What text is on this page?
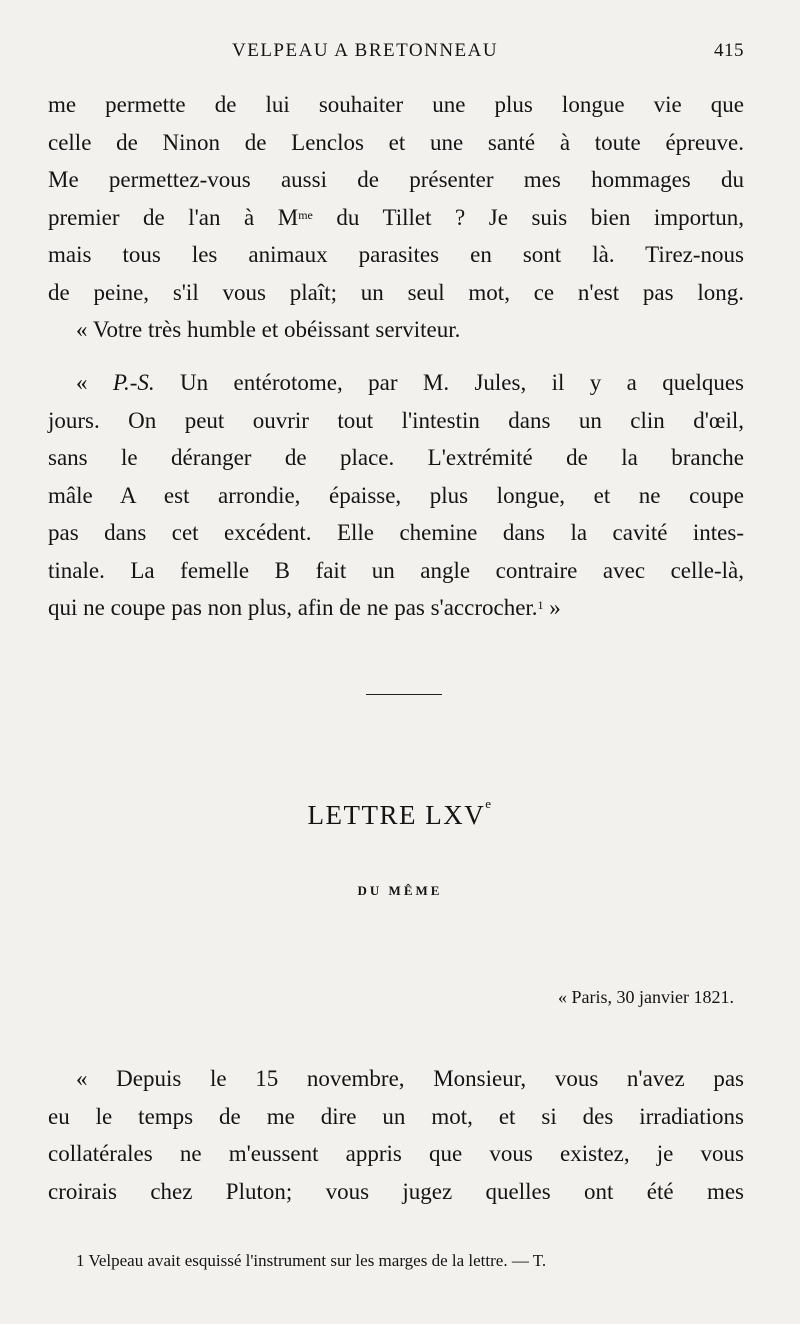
VELPEAU A BRETONNEAU	415
me permette de lui souhaiter une plus longue vie que
celle de Ninon de Lenclos et une santé à toute épreuve.
Me permettez-vous aussi de présenter mes hommages du
premier de l'an à $M^{me}$ du Tillet ? Je suis bien importun,
mais tous les animaux parasites en sont là. Tirez-nous
de peine, s'il vous plaît; un seul mot, ce n'est pas long.
« Votre très humble et obéissant serviteur.
« P.-S. Un entérotome, par M. Jules, il y a quelques
jours. On peut ouvrir tout l'intestin dans un clin d'œil,
sans le déranger de place. L'extrémité de la branche
mâle A est arrondie, épaisse, plus longue, et ne coupe
pas dans cet excédent. Elle chemine dans la cavité intes-
tinale. La femelle B fait un angle contraire avec celle-là,
qui ne coupe pas non plus, afin de ne pas s'accrocher.$^1$ »
LETTRE LXVe
DU MÊME
« Paris, 30 janvier 1821.
« Depuis le 15 novembre, Monsieur, vous n'avez pas
eu le temps de me dire un mot, et si des irradiations
collatérales ne m'eussent appris que vous existez, je vous
croirais chez Pluton; vous jugez quelles ont été mes
1 Velpeau avait esquissé l'instrument sur les marges de la lettre. — T.
